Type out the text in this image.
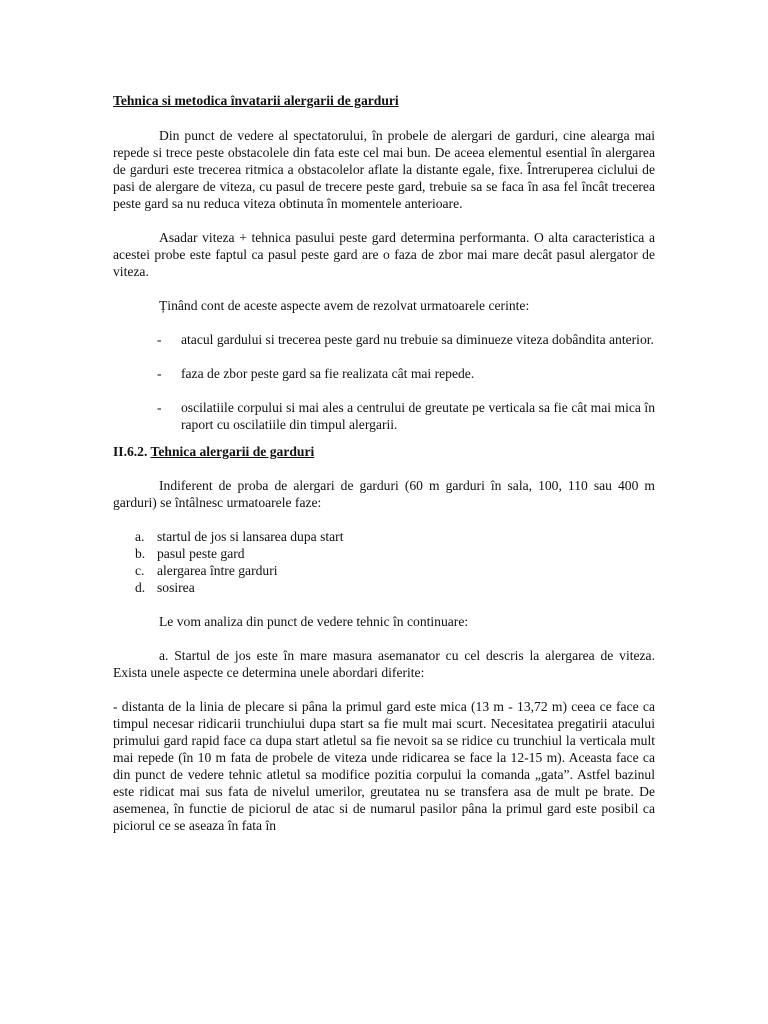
Tehnica si metodica învatarii alergarii de garduri

Din punct de vedere al spectatorului, în probele de alergari de garduri, cine alearga mai repede si trece peste obstacolele din fata este cel mai bun. De aceea elementul esential în alergarea de garduri este trecerea ritmica a obstacolelor aflate la distante egale, fixe. Întreruperea ciclului de pasi de alergare de viteza, cu pasul de trecere peste gard, trebuie sa se faca în asa fel încât trecerea peste gard sa nu reduca viteza obtinuta în momentele anterioare.

Asadar viteza + tehnica pasului peste gard determina performanta. O alta caracteristica a acestei probe este faptul ca pasul peste gard are o faza de zbor mai mare decât pasul alergator de viteza.

Ținând cont de aceste aspecte avem de rezolvat urmatoarele cerinte:

-	atacul gardului si trecerea peste gard nu trebuie sa diminueze viteza dobândita anterior.
-	faza de zbor peste gard sa fie realizata cât mai repede.
-	oscilatiile corpului si mai ales a centrului de greutate pe verticala sa fie cât mai mica în raport cu oscilatiile din timpul alergarii.

II.6.2. Tehnica alergarii de garduri

Indiferent de proba de alergari de garduri (60 m garduri în sala, 100, 110 sau 400 m garduri) se întâlnesc urmatoarele faze:

a. startul de jos si lansarea dupa start
b. pasul peste gard
c. alergarea între garduri
d. sosirea

Le vom analiza din punct de vedere tehnic în continuare:

a. Startul de jos este în mare masura asemanator cu cel descris la alergarea de viteza. Exista unele aspecte ce determina unele abordari diferite:

- distanta de la linia de plecare si pâna la primul gard este mica (13 m - 13,72 m) ceea ce face ca timpul necesar ridicarii trunchiului dupa start sa fie mult mai scurt. Necesitatea pregatirii atacului primului gard rapid face ca dupa start atletul sa fie nevoit sa se ridice cu trunchiul la verticala mult mai repede (în 10 m fata de probele de viteza unde ridicarea se face la 12-15 m). Aceasta face ca din punct de vedere tehnic atletul sa modifice pozitia corpului la comanda „gata”. Astfel bazinul este ridicat mai sus fata de nivelul umerilor, greutatea nu se transfera asa de mult pe brate. De asemenea, în functie de piciorul de atac si de numarul pasilor pâna la primul gard este posibil ca piciorul ce se aseaza în fata în
